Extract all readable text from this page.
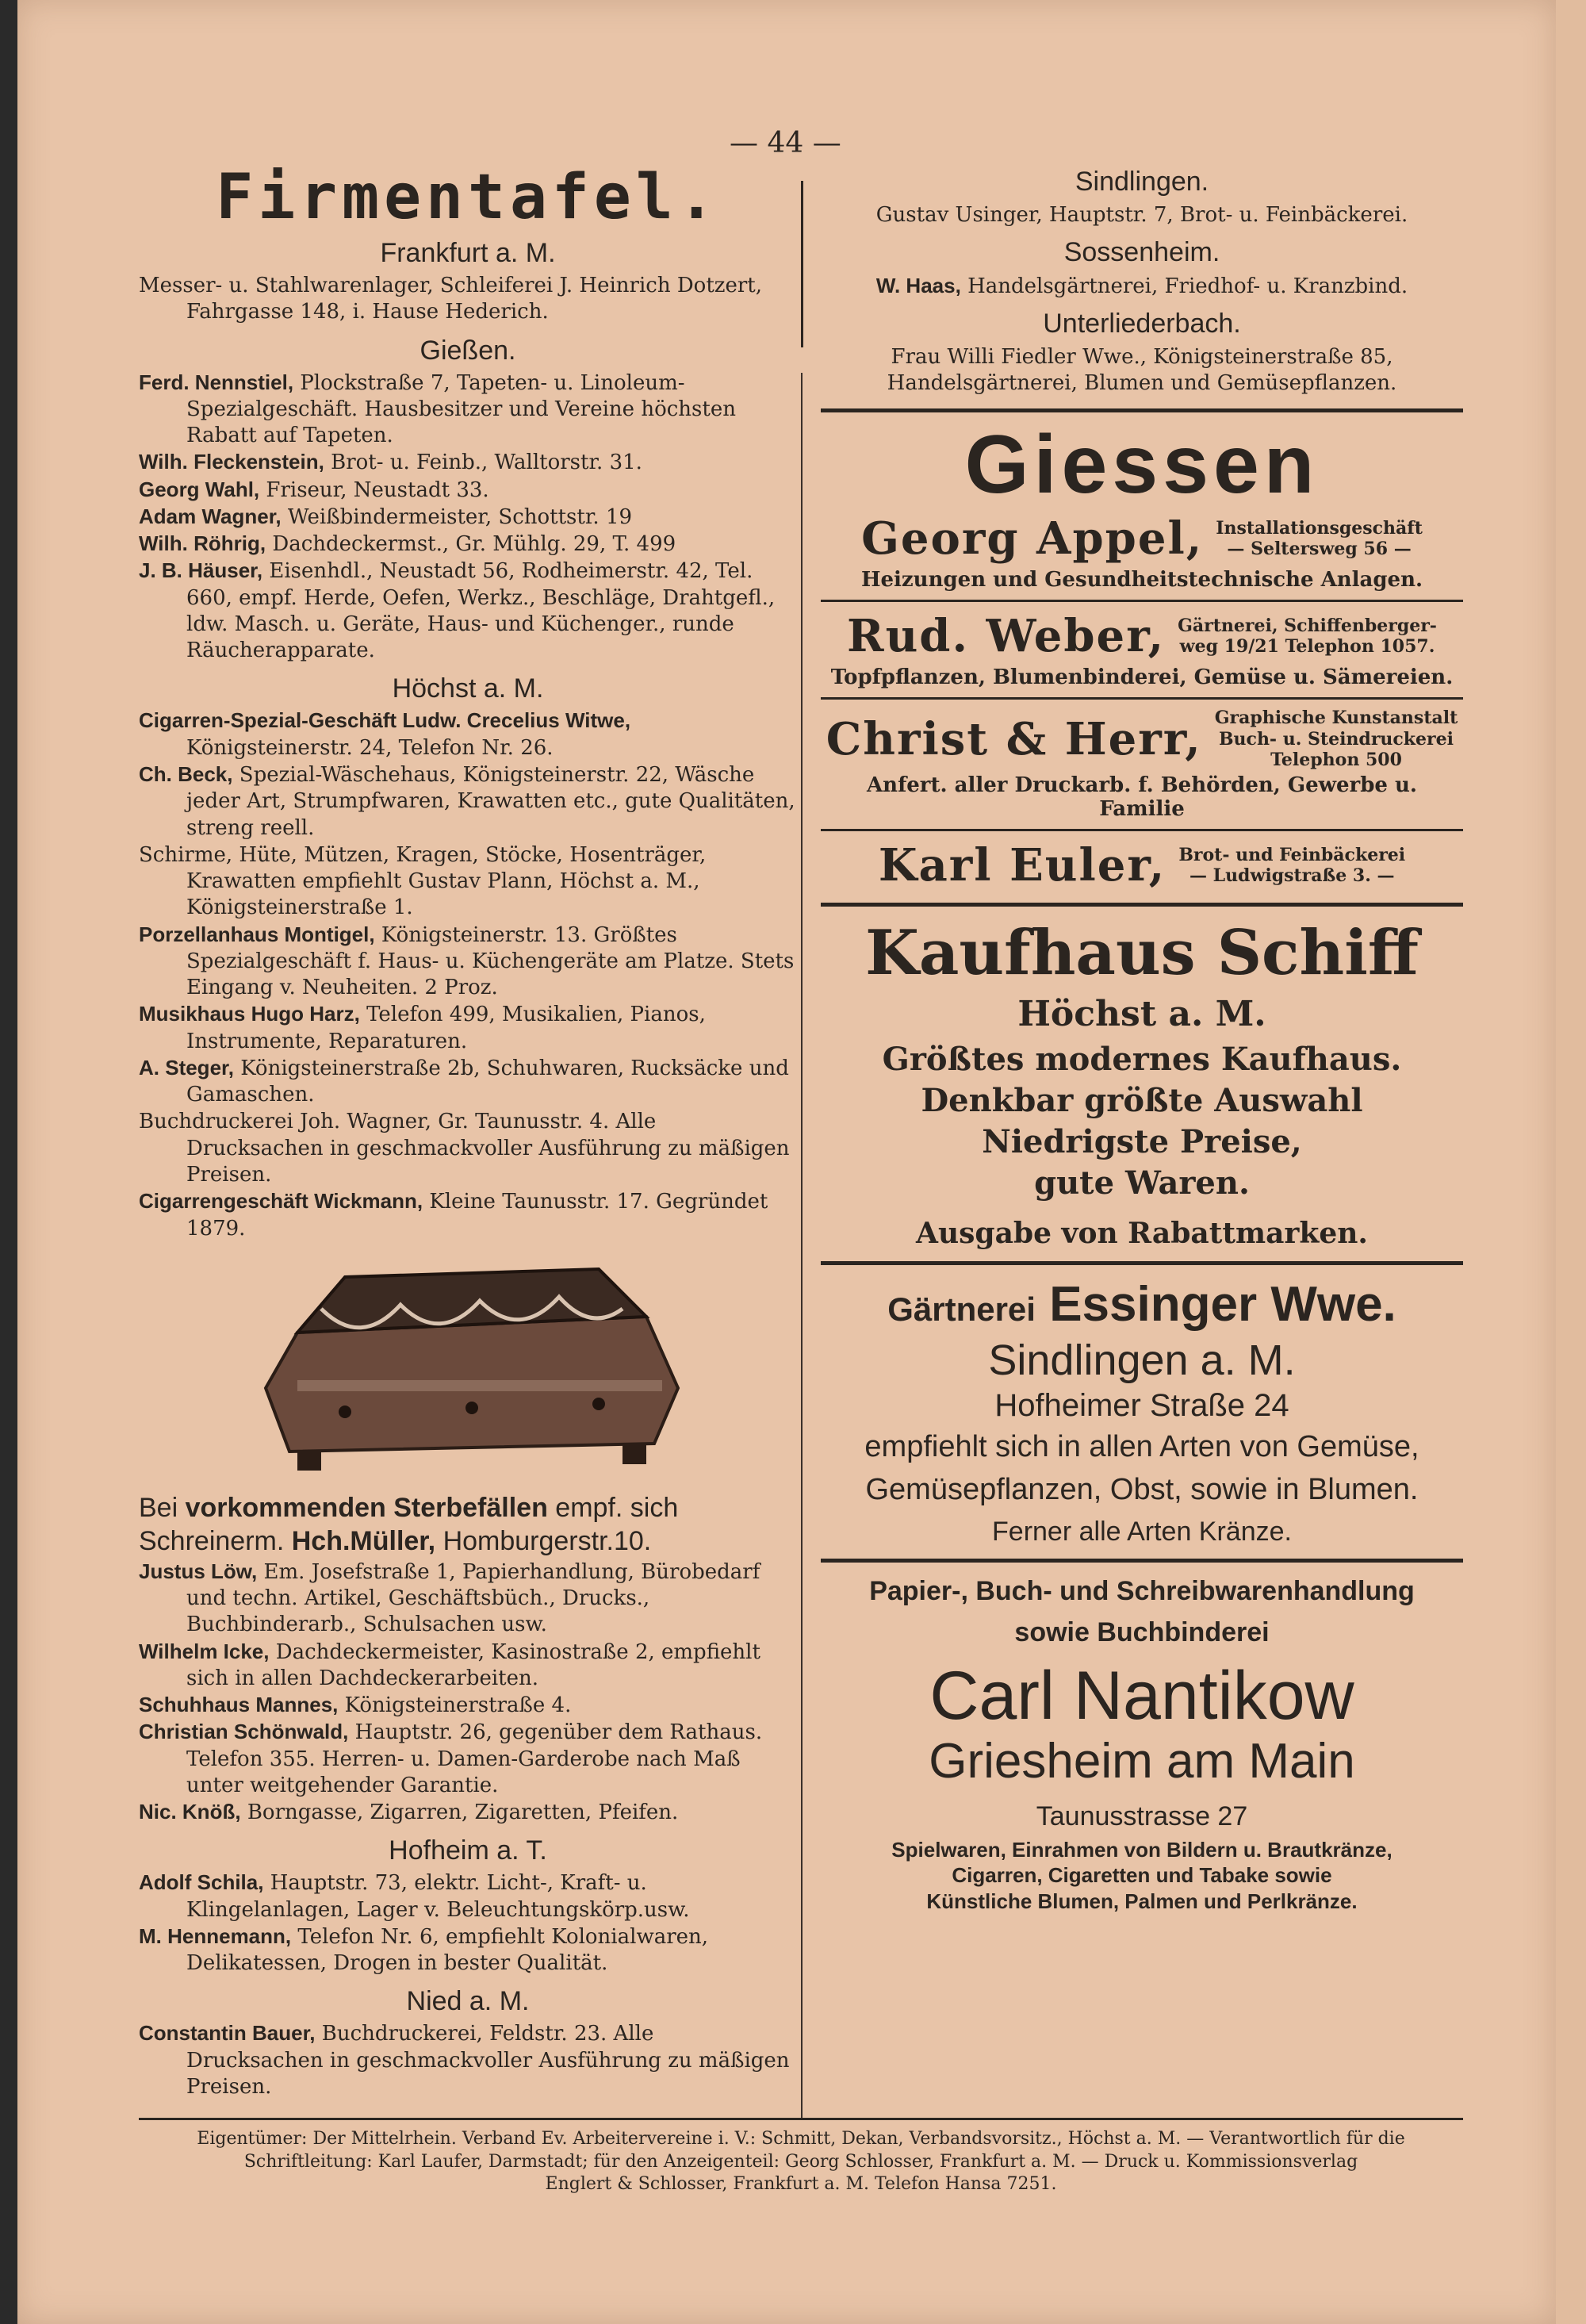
— 44 —
Firmentafel.

Frankfurt a. M.

Messer- u. Stahlwarenlager, Schleiferei J. Heinrich Dotzert, Fahrgasse 148, i. Hause Hederich.

Gießen.

Ferd. Nennstiel, Plockstraße 7, Tapeten- u. Linoleum-Spezialgeschäft. Hausbesitzer und Vereine höchsten Rabatt auf Tapeten.

Wilh. Fleckenstein, Brot- u. Feinb., Walltorstr. 31.

Georg Wahl, Friseur, Neustadt 33.

Adam Wagner, Weißbindermeister, Schottstr. 19

Wilh. Röhrig, Dachdeckermst., Gr. Mühlg. 29, T. 499

J. B. Häuser, Eisenhdl., Neustadt 56, Rodheimerstr. 42, Tel. 660, empf. Herde, Oefen, Werkz., Beschläge, Drahtgefl., ldw. Masch. u. Geräte, Haus- und Küchenger., runde Räucherapparate.

Höchst a. M.

Cigarren-Spezial-Geschäft Ludw. Crecelius Witwe, Königsteinerstr. 24, Telefon Nr. 26.

Ch. Beck, Spezial-Wäschehaus, Königsteinerstr. 22, Wäsche jeder Art, Strumpfwaren, Krawatten etc., gute Qualitäten, streng reell.

Schirme, Hüte, Mützen, Kragen, Stöcke, Hosenträger, Krawatten empfiehlt Gustav Plann, Höchst a. M., Königsteinerstraße 1.

Porzellanhaus Montigel, Königsteinerstr. 13. Größtes Spezialgeschäft f. Haus- u. Küchengeräte am Platze. Stets Eingang v. Neuheiten. 2 Proz.

Musikhaus Hugo Harz, Telefon 499, Musikalien, Pianos, Instrumente, Reparaturen.

A. Steger, Königsteinerstraße 2b, Schuhwaren, Rucksäcke und Gamaschen.

Buchdruckerei Joh. Wagner, Gr. Taunusstr. 4. Alle Drucksachen in geschmackvoller Ausführung zu mäßigen Preisen.

Cigarrengeschäft Wickmann, Kleine Taunusstr. 17. Gegründet 1879.

Bei vorkommenden Sterbefällen empf. sich

Schreinerm. Hch.Müller, Homburgerstr.10.

Justus Löw, Em. Josefstraße 1, Papierhandlung, Bürobedarf und techn. Artikel, Geschäftsbüch., Drucks., Buchbinderarb., Schulsachen usw.

Wilhelm Icke, Dachdeckermeister, Kasinostraße 2, empfiehlt sich in allen Dachdeckerarbeiten.

Schuhhaus Mannes, Königsteinerstraße 4.

Christian Schönwald, Hauptstr. 26, gegenüber dem Rathaus. Telefon 355. Herren- u. Damen-Garderobe nach Maß unter weitgehender Garantie.

Nic. Knöß, Borngasse, Zigarren, Zigaretten, Pfeifen.

Hofheim a. T.

Adolf Schila, Hauptstr. 73, elektr. Licht-, Kraft- u. Klingelanlagen, Lager v. Beleuchtungskörp.usw.

M. Hennemann, Telefon Nr. 6, empfiehlt Kolonialwaren, Delikatessen, Drogen in bester Qualität.

Nied a. M.

Constantin Bauer, Buchdruckerei, Feldstr. 23. Alle Drucksachen in geschmackvoller Ausführung zu mäßigen Preisen.

Sindlingen.

Gustav Usinger, Hauptstr. 7, Brot- u. Feinbäckerei.

Sossenheim.

W. Haas, Handelsgärtnerei, Friedhof- u. Kranzbind.

Unterliederbach.

Frau Willi Fiedler Wwe., Königsteinerstraße 85, Handelsgärtnerei, Blumen und Gemüsepflanzen.

Giessen
Georg Appel, Installationsgeschäft
— Seltersweg 56 —

Heizungen und Gesundheitstechnische Anlagen.

Rud. Weber, Gärtnerei, Schiffenberger-
weg 19/21 Telephon 1057.

Topfpflanzen, Blumenbinderei, Gemüse u. Sämereien.

Christ & Herr, Graphische Kunstanstalt
Buch- u. Steindruckerei
Telephon 500

Anfert. aller Druckarb. f. Behörden, Gewerbe u. Familie

Karl Euler, Brot- und Feinbäckerei
— Ludwigstraße 3. —
Kaufhaus Schiff
Höchst a. M.
Größtes modernes Kaufhaus.
Denkbar größte Auswahl
Niedrigste Preise,
gute Waren.
Ausgabe von Rabattmarken.
Gärtnerei Essinger Wwe.
Sindlingen a. M.
Hofheimer Straße 24
empfiehlt sich in allen Arten von Gemüse,
Gemüsepflanzen, Obst, sowie in Blumen.
Ferner alle Arten Kränze.
Papier-, Buch- und Schreibwarenhandlung
sowie Buchbinderei
Carl Nantikow
Griesheim am Main
Taunusstrasse 27

Spielwaren, Einrahmen von Bildern u. Brautkränze,

Cigarren, Cigaretten und Tabake sowie

Künstliche Blumen, Palmen und Perlkränze.

Eigentümer: Der Mittelrhein. Verband Ev. Arbeitervereine i. V.: Schmitt, Dekan, Verbandsvorsitz., Höchst a. M. — Verantwortlich für die

Schriftleitung: Karl Laufer, Darmstadt; für den Anzeigenteil: Georg Schlosser, Frankfurt a. M. — Druck u. Kommissionsverlag

Englert & Schlosser, Frankfurt a. M. Telefon Hansa 7251.
